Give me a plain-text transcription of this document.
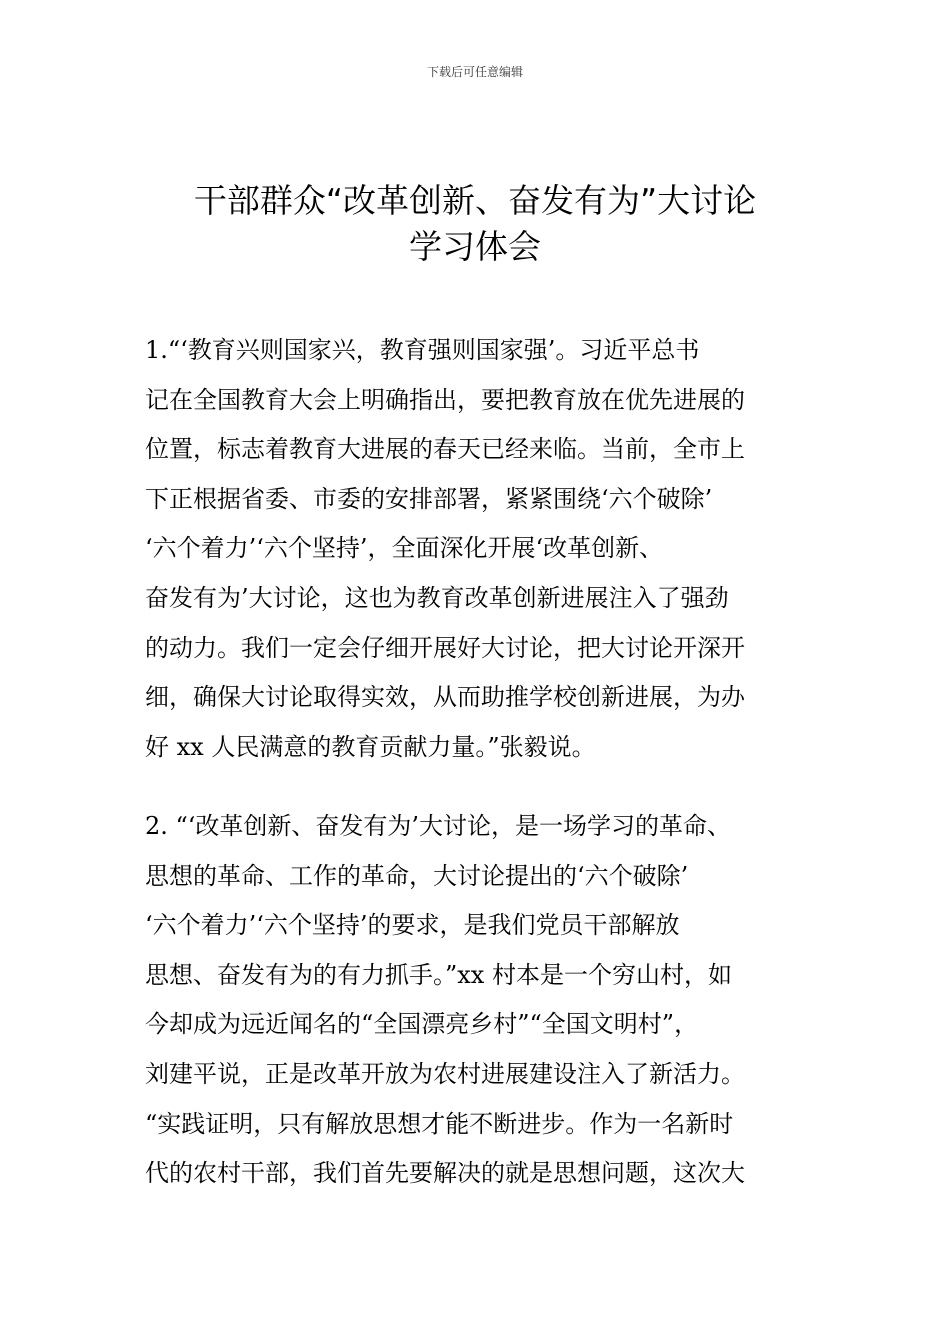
下载后可任意编辑
干部群众“改革创新、奋发有为”大讨论
学习体会
1.“‘教育兴则国家兴，教育强则国家强’。习近平总书
记在全国教育大会上明确指出，要把教育放在优先进展的
位置，标志着教育大进展的春天已经来临。当前，全市上
下正根据省委、市委的安排部署，紧紧围绕‘六个破除’
‘六个着力’‘六个坚持’，全面深化开展‘改革创新、
奋发有为’大讨论，这也为教育改革创新进展注入了强劲
的动力。我们一定会仔细开展好大讨论，把大讨论开深开
细，确保大讨论取得实效，从而助推学校创新进展，为办
好 xx 人民满意的教育贡献力量。”张毅说。
2. “‘改革创新、奋发有为’大讨论，是一场学习的革命、
思想的革命、工作的革命，大讨论提出的‘六个破除’
‘六个着力’‘六个坚持’的要求，是我们党员干部解放
思想、奋发有为的有力抓手。”xx 村本是一个穷山村，如
今却成为远近闻名的“全国漂亮乡村”“全国文明村”，
刘建平说，正是改革开放为农村进展建设注入了新活力。
“实践证明，只有解放思想才能不断进步。作为一名新时
代的农村干部，我们首先要解决的就是思想问题，这次大
